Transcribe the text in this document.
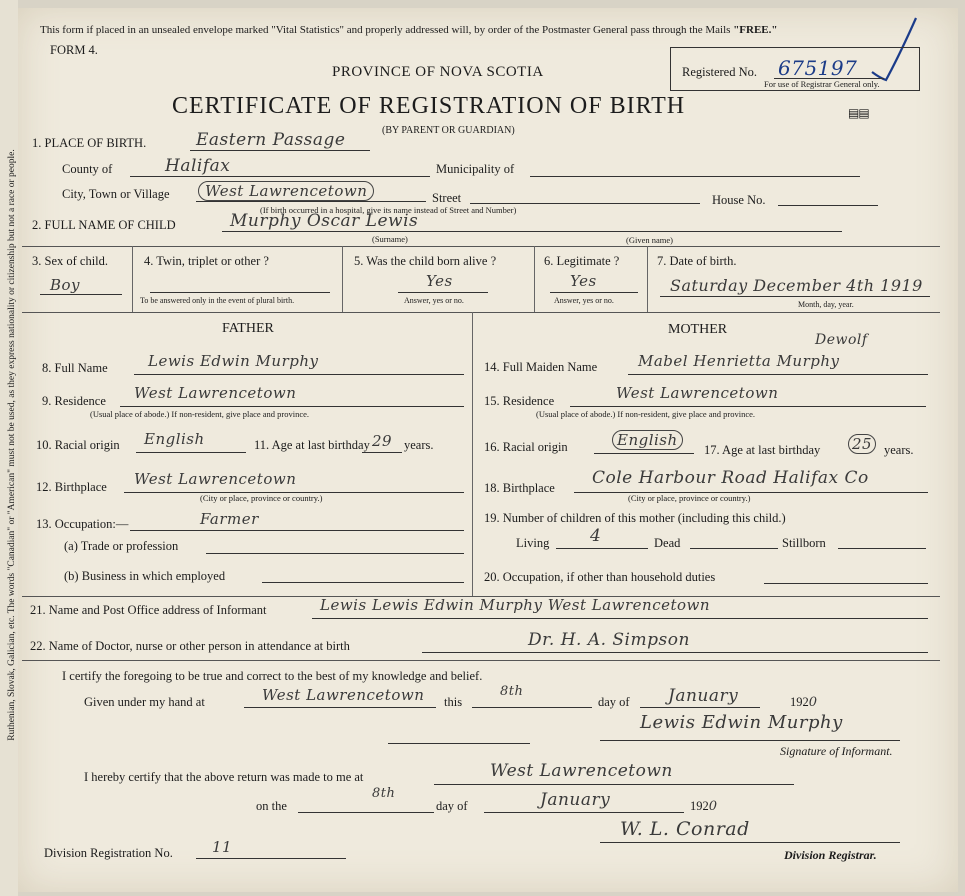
Ruthenian, Slovak, Galician, etc. The words "Canadian" or "American" must not be used, as they express nationality or citizenship but not a race or people.
This form if placed in an unsealed envelope marked "Vital Statistics" and properly addressed will, by order of the Postmaster General pass through the Mails "FREE."
FORM 4.
PROVINCE OF NOVA SCOTIA
CERTIFICATE OF REGISTRATION OF BIRTH
(BY PARENT OR GUARDIAN)
Registered No. 675197
For use of Registrar General only.
▤▤
1. PLACE OF BIRTH.	Eastern Passage
County of	Halifax	Municipality of
City, Town or Village	West Lawrencetown	Street	House No.
(If birth occurred in a hospital, give its name instead of Street and Number)
2. FULL NAME OF CHILD	Murphy Oscar Lewis
(Surname)	(Given name)
3. Sex of child.
Boy
4. Twin, triplet or other ?
To be answered only in the event of plural birth.
5. Was the child born alive ?
Yes
Answer, yes or no.
6. Legitimate ?
Yes
Answer, yes or no.
7. Date of birth.
Saturday December 4th 1919
Month, day, year.
FATHER	MOTHER
8. Full Name	Lewis Edwin Murphy
9. Residence West Lawrencetown
(Usual place of abode.) If non-resident, give place and province.
10. Racial origin English	11. Age at last birthday 29 years.
12. Birthplace West Lawrencetown
(City or place, province or country.)
13. Occupation:—	Farmer
(a) Trade or profession
(b) Business in which employed
Dewolf
14. Full Maiden Name	Mabel Henrietta Murphy
15. Residence	West Lawrencetown
(Usual place of abode.) If non-resident, give place and province.
16. Racial origin	English
17. Age at last birthday 25 years.
18. Birthplace Cole Harbour Road Halifax Co
(City or place, province or country.)
19. Number of children of this mother (including this child.)
Living 4	Dead	Stillborn
20. Occupation, if other than household duties
21. Name and Post Office address of Informant	Lewis Lewis Edwin Murphy West Lawrencetown
22. Name of Doctor, nurse or other person in attendance at birth	Dr. H. A. Simpson
I certify the foregoing to be true and correct to the best of my knowledge and belief.
Given under my hand at	West Lawrencetown this
8th
day of January	1920
Lewis Edwin Murphy
Signature of Informant.
I hereby certify that the above return was made to me at	West Lawrencetown
on the
8th
day of	January	1920
W. L. Conrad
Division Registration No.	11	Division Registrar.
